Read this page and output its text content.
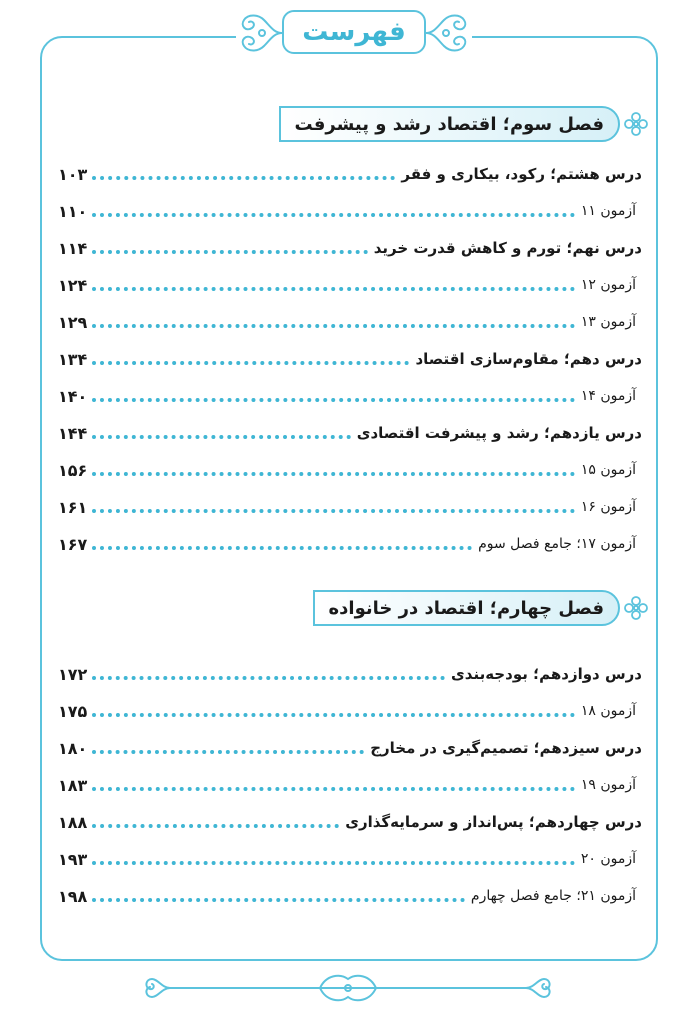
فهرست
فصل سوم؛ اقتصاد رشد و پیشرفت
درس هشتم؛ رکود، بیکاری و فقر
۱۰۳
آزمون ۱۱
۱۱۰
درس نهم؛ تورم و کاهش قدرت خرید
۱۱۴
آزمون ۱۲
۱۲۴
آزمون ۱۳
۱۲۹
درس دهم؛ مقاوم‌سازی اقتصاد
۱۳۴
آزمون ۱۴
۱۴۰
درس یازدهم؛ رشد و پیشرفت اقتصادی
۱۴۴
آزمون ۱۵
۱۵۶
آزمون ۱۶
۱۶۱
آزمون ۱۷؛ جامع فصل سوم
۱۶۷
فصل چهارم؛ اقتصاد در خانواده
درس دوازدهم؛ بودجه‌بندی
۱۷۲
آزمون ۱۸
۱۷۵
درس سیزدهم؛ تصمیم‌گیری در مخارج
۱۸۰
آزمون ۱۹
۱۸۳
درس چهاردهم؛ پس‌انداز و سرمایه‌گذاری
۱۸۸
آزمون ۲۰
۱۹۳
آزمون ۲۱؛ جامع فصل چهارم
۱۹۸
